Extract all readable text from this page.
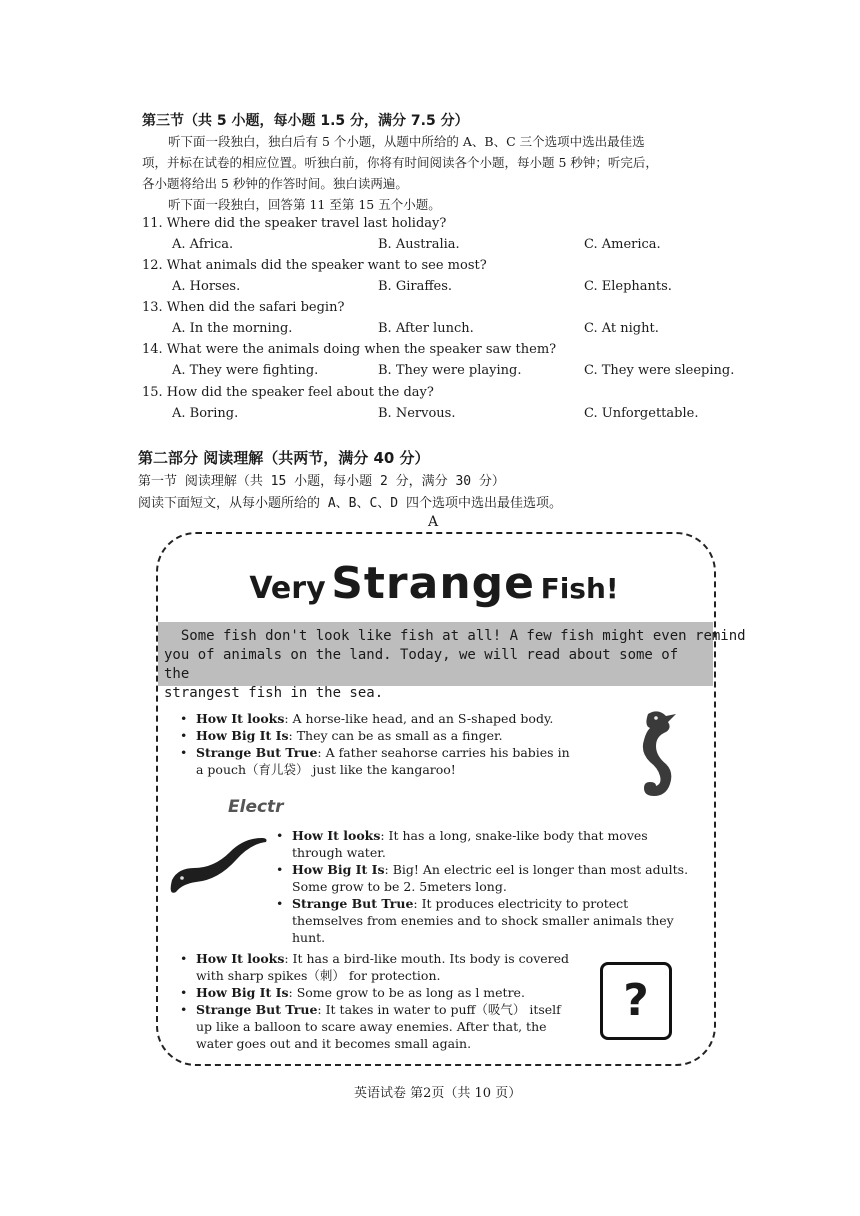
第三节（共 5 小题，每小题 1.5 分，满分 7.5 分）
听下面一段独白，独白后有 5 个小题，从题中所给的 A、B、C 三个选项中选出最佳选
项，并标在试卷的相应位置。听独白前，你将有时间阅读各个小题，每小题 5 秒钟；听完后，
各小题将给出 5 秒钟的作答时间。独白读两遍。
听下面一段独白，回答第 11 至第 15 五个小题。
11. Where did the speaker travel last holiday?
A. Africa.	B. Australia.	C. America.
12. What animals did the speaker want to see most?
A. Horses.	B. Giraffes.	C. Elephants.
13. When did the safari begin?
A. In the morning.	B. After lunch.	C. At night.
14. What were the animals doing when the speaker saw them?
A. They were fighting.	B. They were playing.	C. They were sleeping.
15. How did the speaker feel about the day?
A. Boring.	B. Nervous.	C. Unforgettable.
第二部分 阅读理解（共两节，满分 40 分）
第一节 阅读理解（共 15 小题，每小题 2 分，满分 30 分）
阅读下面短文，从每小题所给的 A、B、C、D 四个选项中选出最佳选项。
A
Very Strange Fish!
Some fish don't look like fish at all! A few fish might even remind
you of animals on the land. Today, we will read about some of the
strangest fish in the sea.
• How It looks: A horse-like head, and an S-shaped body.
• How Big It Is: They can be as small as a finger.
• Strange But True: A father seahorse carries his babies in a pouch（育儿袋） just like the kangaroo!
Electr
• How It looks: It has a long, snake-like body that moves through water.
• How Big It Is: Big! An electric eel is longer than most adults. Some grow to be 2. 5meters long.
• Strange But True: It produces electricity to protect themselves from enemies and to shock smaller animals they hunt.
• How It looks: It has a bird-like mouth. Its body is covered with sharp spikes（刺） for protection.
• How Big It Is: Some grow to be as long as l metre.
• Strange But True: It takes in water to puff（吸气） itself up like a balloon to scare away enemies. After that, the water goes out and it becomes small again.
?
英语试卷 第2页（共 10 页）
